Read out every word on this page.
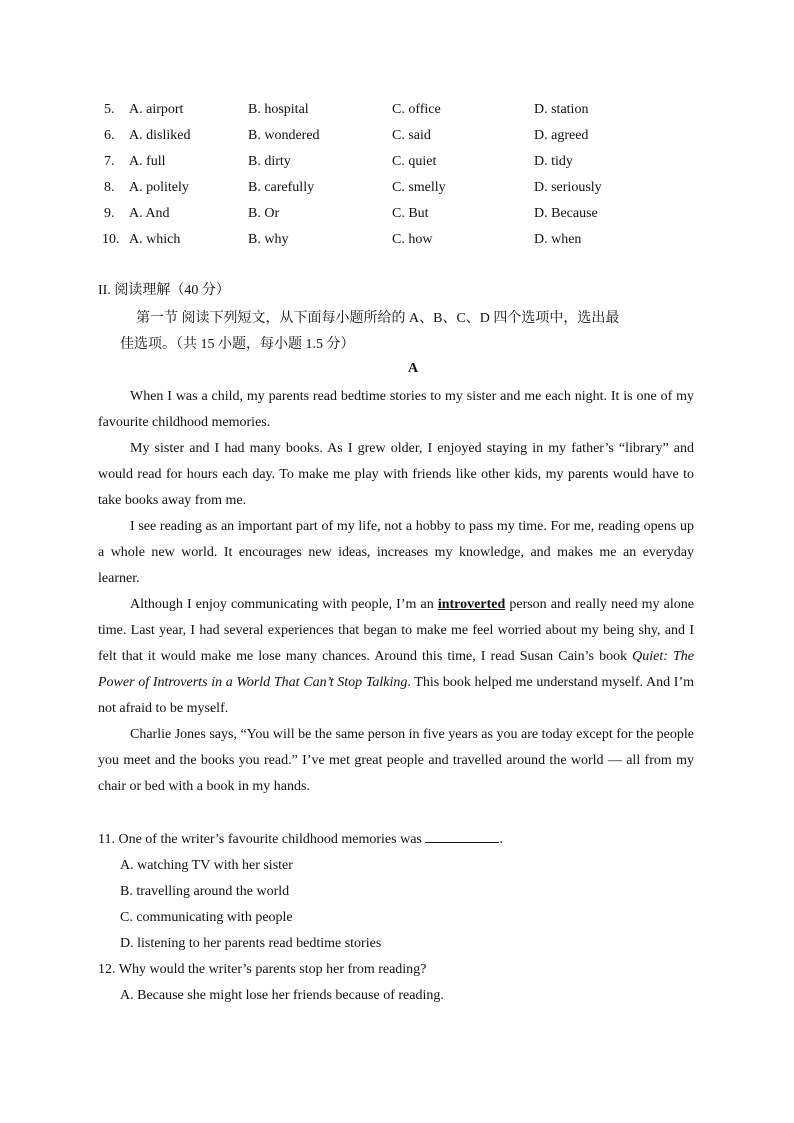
5.	A. airport	B. hospital	C. office	D. station
6.	A. disliked	B. wondered	C. said	D. agreed
7.	A. full	B. dirty	C. quiet	D. tidy
8.	A. politely	B. carefully	C. smelly	D. seriously
9.	A. And	B. Or	C. But	D. Because
10. A. which	B. why	C. how	D. when
II. 阅读理解（40 分）
第一节 阅读下列短文，从下面每小题所给的 A、B、C、D 四个选项中，选出最
佳选项。（共 15 小题，每小题 1.5 分）
A

When I was a child, my parents read bedtime stories to my sister and me each night. It is one of my favourite childhood memories.

My sister and I had many books. As I grew older, I enjoyed staying in my father’s “library” and would read for hours each day. To make me play with friends like other kids, my parents would have to take books away from me.

I see reading as an important part of my life, not a hobby to pass my time. For me, reading opens up a whole new world. It encourages new ideas, increases my knowledge, and makes me an everyday learner.

Although I enjoy communicating with people, I’m an introverted person and really need my alone time. Last year, I had several experiences that began to make me feel worried about my being shy, and I felt that it would make me lose many chances. Around this time, I read Susan Cain’s book Quiet: The Power of Introverts in a World That Can’t Stop Talking. This book helped me understand myself. And I’m not afraid to be myself.

Charlie Jones says, “You will be the same person in five years as you are today except for the people you meet and the books you read.” I’ve met great people and travelled around the world — all from my chair or bed with a book in my hands.

11. One of the writer’s favourite childhood memories was	.
A. watching TV with her sister
B. travelling around the world
C. communicating with people
D. listening to her parents read bedtime stories
12. Why would the writer’s parents stop her from reading?
A. Because she might lose her friends because of reading.
